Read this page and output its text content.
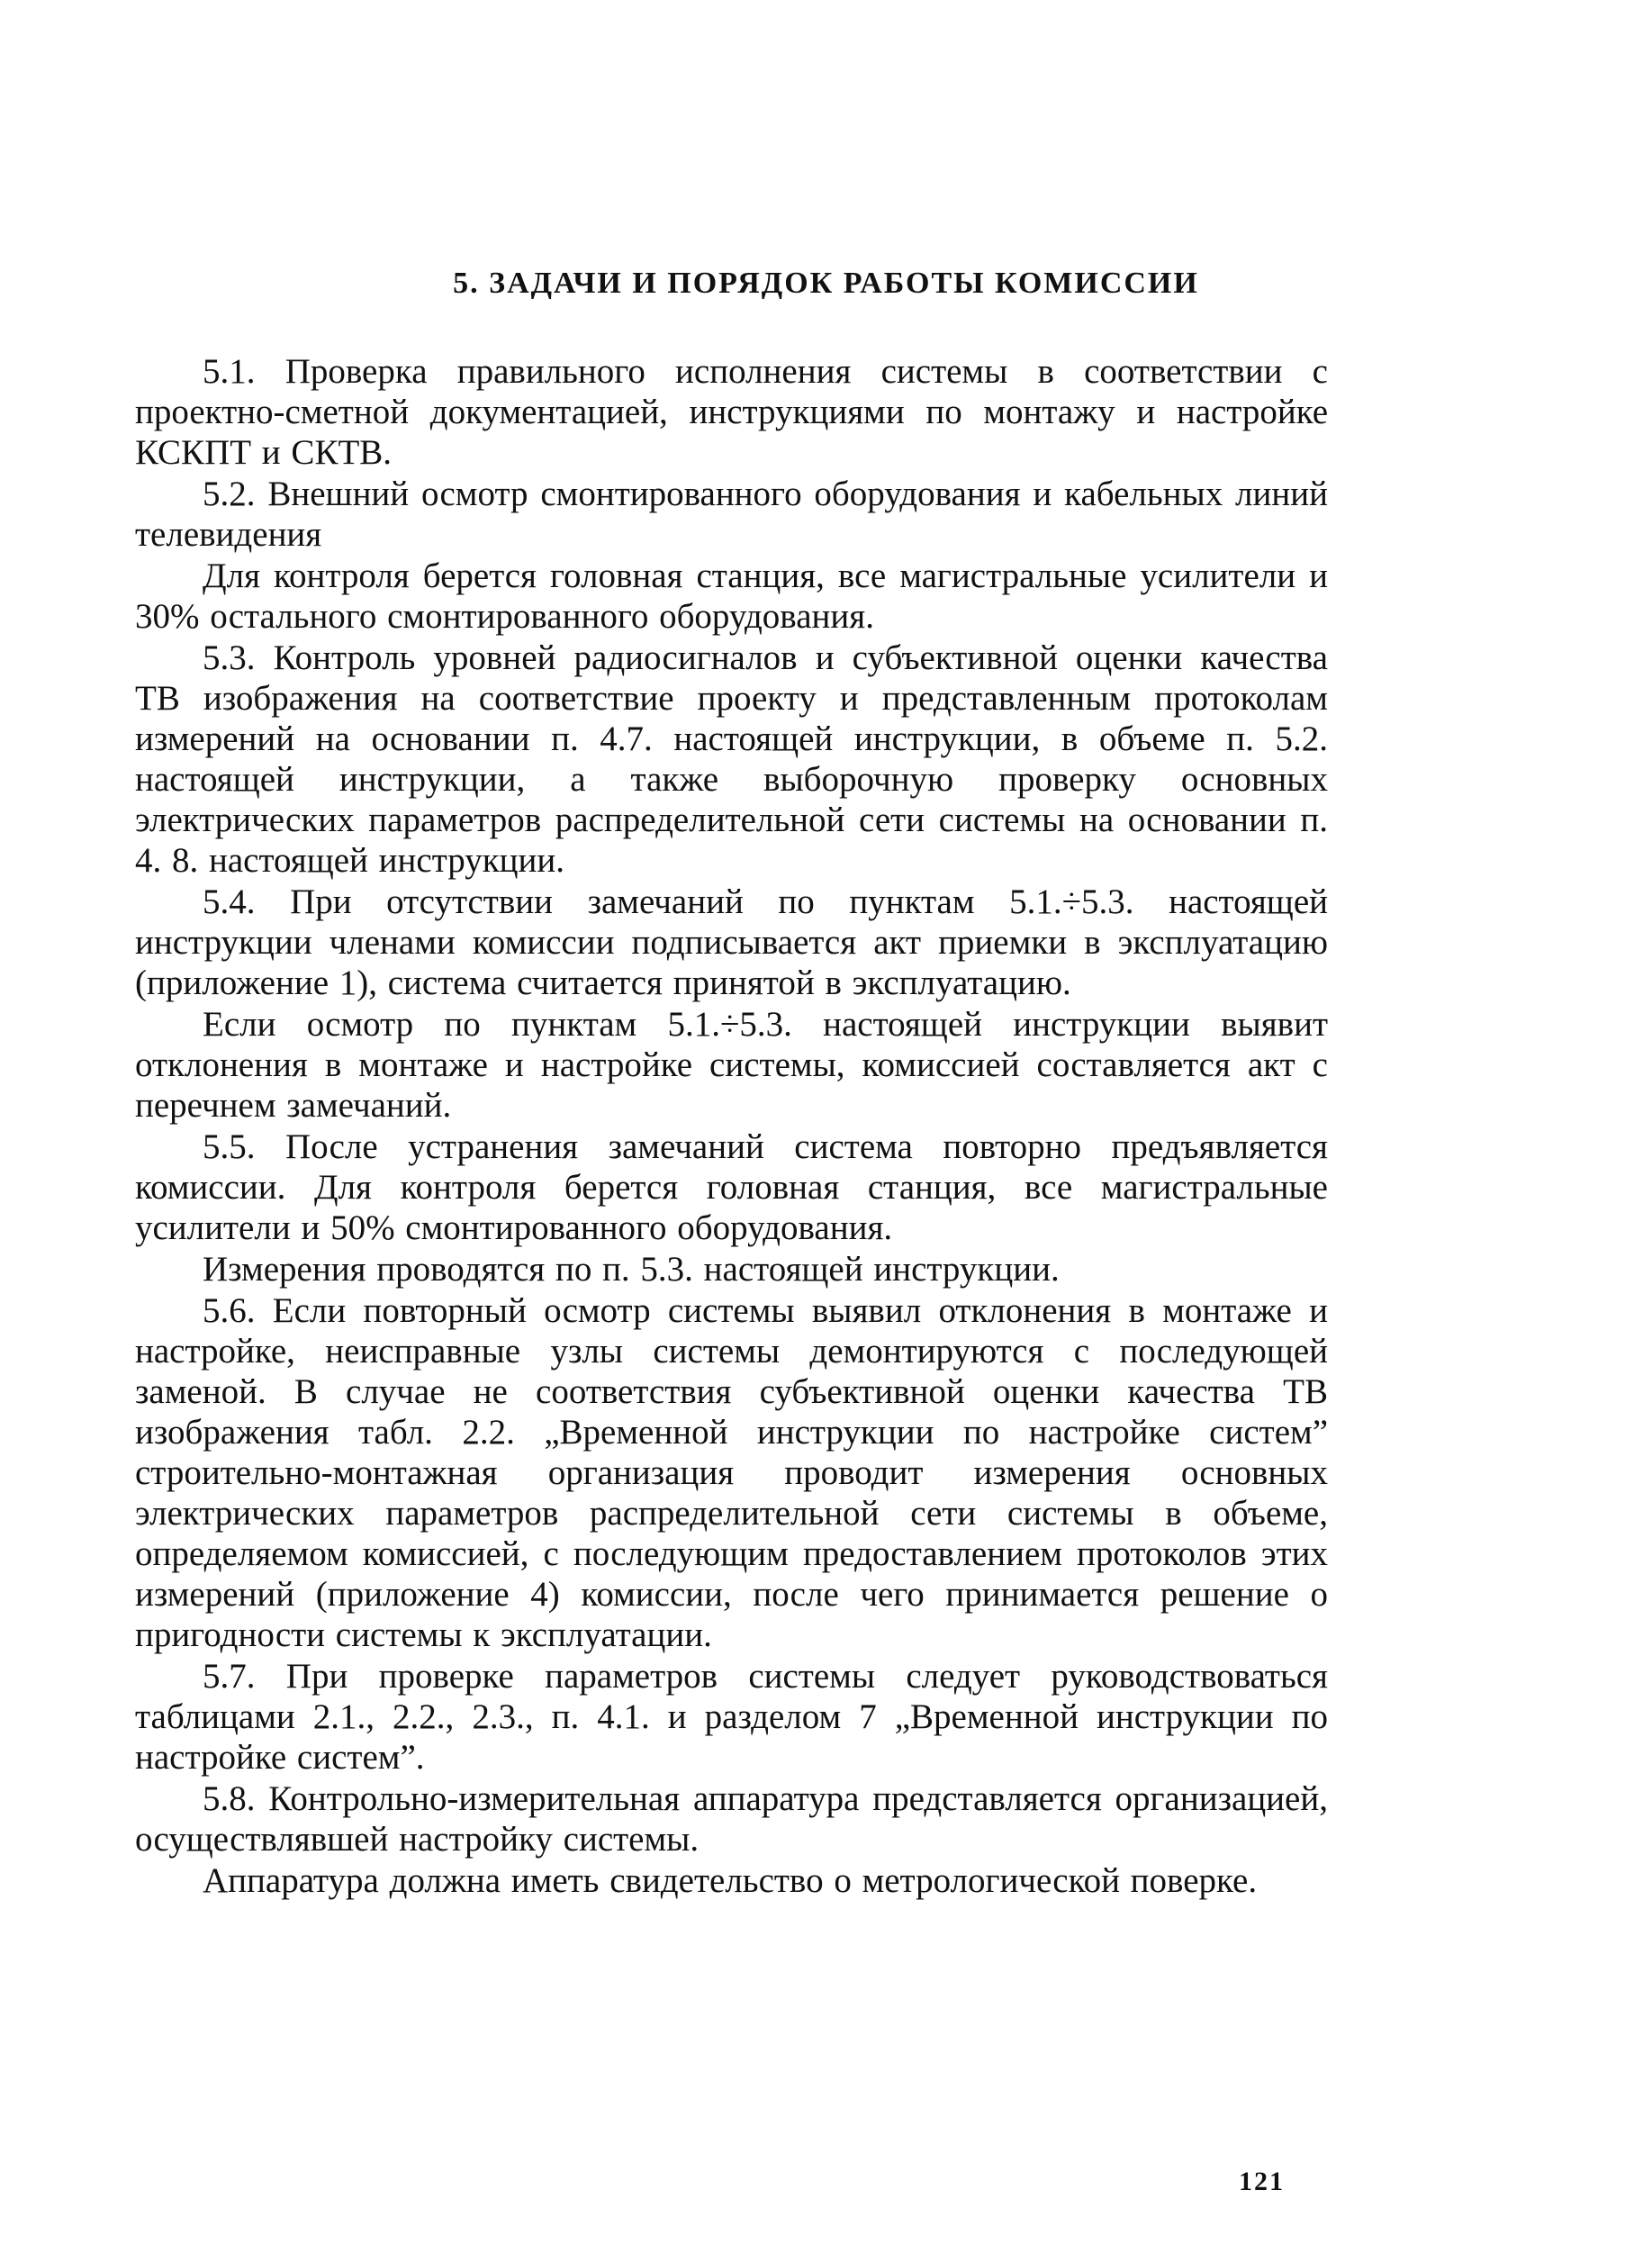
5. ЗАДАЧИ И ПОРЯДОК РАБОТЫ КОМИССИИ

5.1. Проверка правильного исполнения системы в соответствии с проектно-сметной документацией, инструкциями по монтажу и настройке КСКПТ и СКТВ.

5.2. Внешний осмотр смонтированного оборудования и кабельных линий телевидения

Для контроля берется головная станция, все магистральные усилители и 30% остального смонтированного оборудования.

5.3. Контроль уровней радиосигналов и субъективной оценки качества ТВ изображения на соответствие проекту и представленным протоколам измерений на основании п. 4.7. настоящей инструкции, в объеме п. 5.2. настоящей инструкции, а также выборочную проверку основных электрических параметров распределительной сети системы на основании п. 4. 8. настоящей инструкции.

5.4. При отсутствии замечаний по пунктам 5.1.÷5.3. настоящей инструкции членами комиссии подписывается акт приемки в эксплуатацию (приложение 1), система считается принятой в эксплуатацию.

Если осмотр по пунктам 5.1.÷5.3. настоящей инструкции выявит отклонения в монтаже и настройке системы, комиссией составляется акт с перечнем замечаний.

5.5. После устранения замечаний система повторно предъявляется комиссии. Для контроля берется головная станция, все магистральные усилители и 50% смонтированного оборудования.

Измерения проводятся по п. 5.3. настоящей инструкции.

5.6. Если повторный осмотр системы выявил отклонения в монтаже и настройке, неисправные узлы системы демонтируются с последующей заменой. В случае не соответствия субъективной оценки качества ТВ изображения табл. 2.2. „Временной инструкции по настройке систем” строительно-монтажная организация проводит измерения основных электрических параметров распределительной сети системы в объеме, определяемом комиссией, с последующим предоставлением протоколов этих измерений (приложение 4) комиссии, после чего принимается решение о пригодности системы к эксплуатации.

5.7. При проверке параметров системы следует руководствоваться таблицами 2.1., 2.2., 2.3., п. 4.1. и разделом 7 „Временной инструкции по настройке систем”.

5.8. Контрольно-измерительная аппаратура представляется организацией, осуществлявшей настройку системы.

Аппаратура должна иметь свидетельство о метрологической поверке.

121
